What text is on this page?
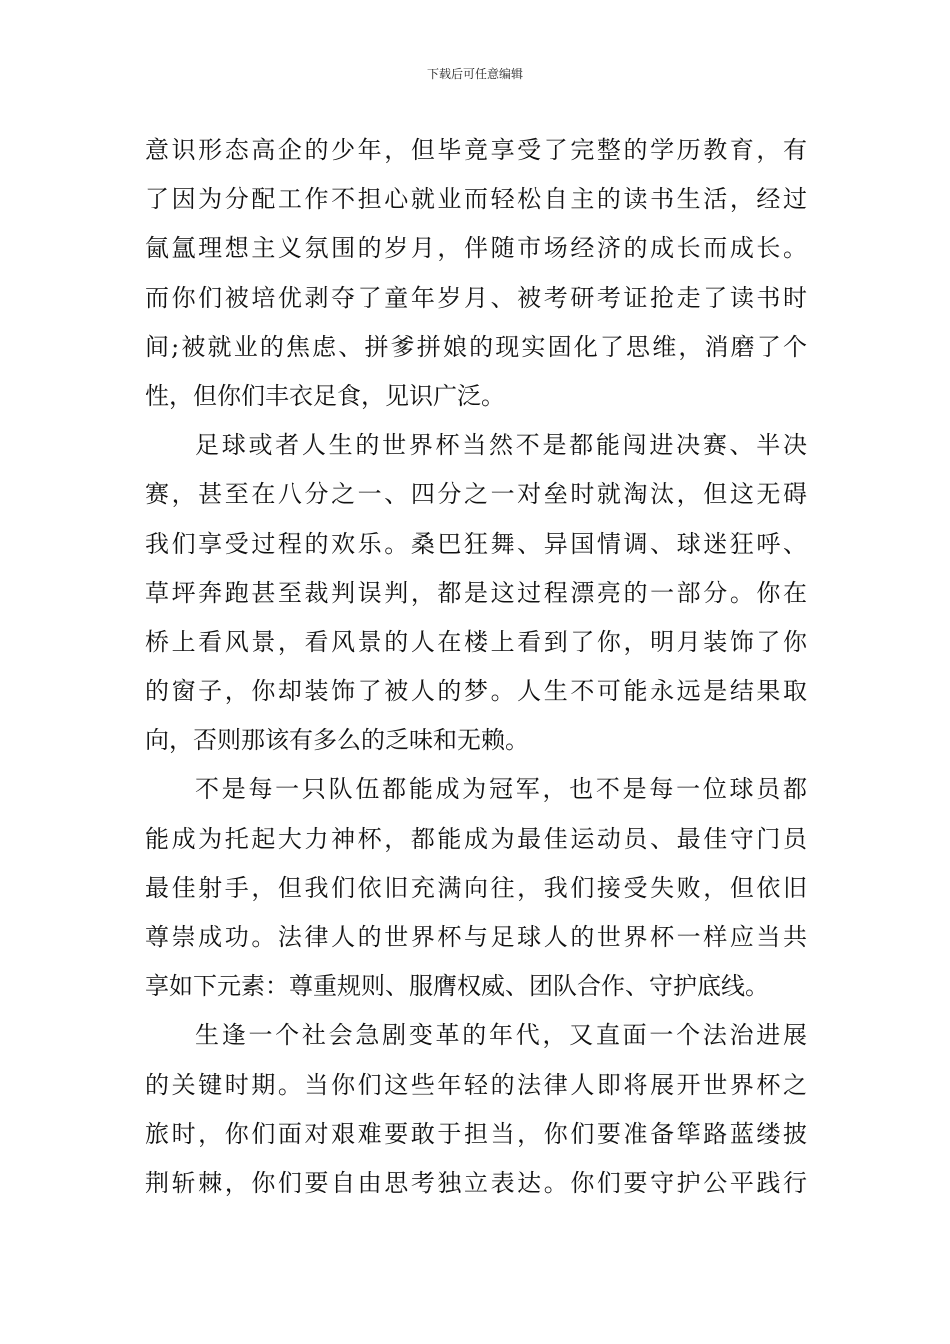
下载后可任意编辑
意识形态高企的少年，但毕竟享受了完整的学历教育，有
了因为分配工作不担心就业而轻松自主的读书生活，经过
氤氲理想主义氛围的岁月，伴随市场经济的成长而成长。
而你们被培优剥夺了童年岁月、被考研考证抢走了读书时
间;被就业的焦虑、拼爹拼娘的现实固化了思维，消磨了个
性，但你们丰衣足食，见识广泛。
足球或者人生的世界杯当然不是都能闯进决赛、半决
赛，甚至在八分之一、四分之一对垒时就淘汰，但这无碍
我们享受过程的欢乐。桑巴狂舞、异国情调、球迷狂呼、
草坪奔跑甚至裁判误判，都是这过程漂亮的一部分。你在
桥上看风景，看风景的人在楼上看到了你，明月装饰了你
的窗子，你却装饰了被人的梦。人生不可能永远是结果取
向，否则那该有多么的乏味和无赖。
不是每一只队伍都能成为冠军，也不是每一位球员都
能成为托起大力神杯，都能成为最佳运动员、最佳守门员
最佳射手，但我们依旧充满向往，我们接受失败，但依旧
尊崇成功。法律人的世界杯与足球人的世界杯一样应当共
享如下元素：尊重规则、服膺权威、团队合作、守护底线。
生逢一个社会急剧变革的年代，又直面一个法治进展
的关键时期。当你们这些年轻的法律人即将展开世界杯之
旅时，你们面对艰难要敢于担当，你们要准备筚路蓝缕披
荆斩棘，你们要自由思考独立表达。你们要守护公平践行
